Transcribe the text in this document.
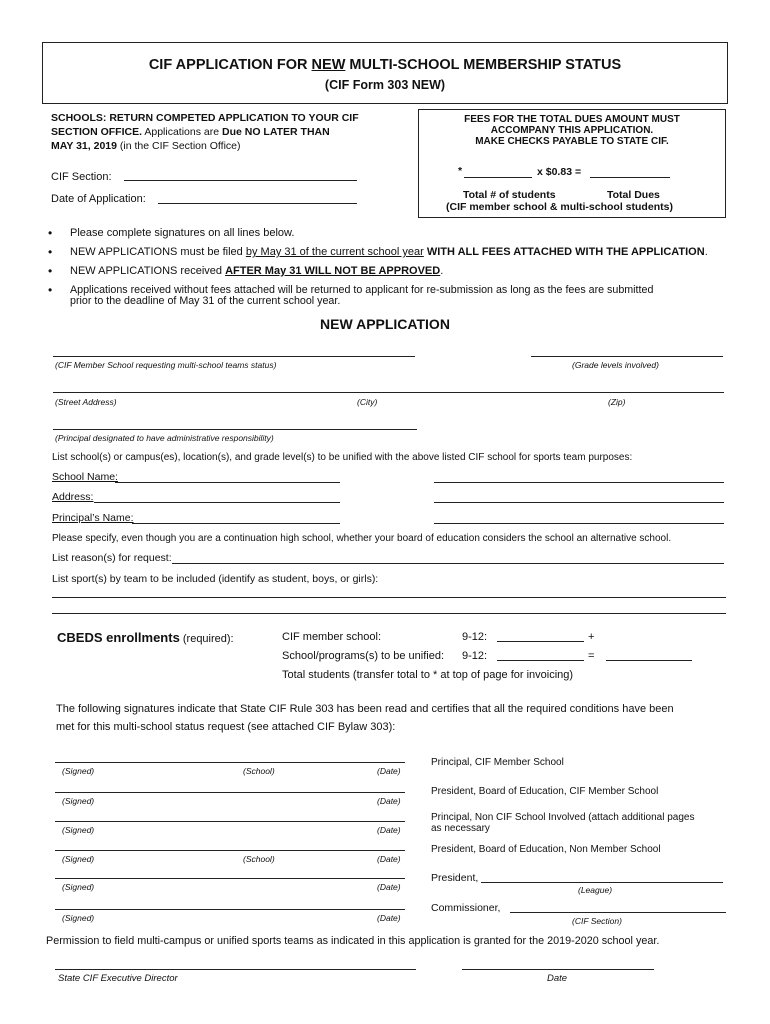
CIF APPLICATION FOR NEW MULTI-SCHOOL MEMBERSHIP STATUS
(CIF Form 303 NEW)
SCHOOLS: RETURN COMPETED APPLICATION TO YOUR CIF
SECTION OFFICE. Applications are Due NO LATER THAN
MAY 31, 2019 (in the CIF Section Office)
CIF Section:
Date of Application:
FEES FOR THE TOTAL DUES AMOUNT MUST
ACCOMPANY THIS APPLICATION.
MAKE CHECKS PAYABLE TO STATE CIF.
*	x $0.83 =
Total # of students	Total Dues
(CIF member school & multi-school students)
• Please complete signatures on all lines below.
• NEW APPLICATIONS must be filed by May 31 of the current school year WITH ALL FEES ATTACHED WITH THE APPLICATION.
• NEW APPLICATIONS received AFTER May 31 WILL NOT BE APPROVED.
• Applications received without fees attached will be returned to applicant for re-submission as long as the fees are submitted
prior to the deadline of May 31 of the current school year.
NEW APPLICATION
(CIF Member School requesting multi-school teams status)	(Grade levels involved)
(Street Address)	(City)	(Zip)
(Principal designated to have administrative responsibility)
List school(s) or campus(es), location(s), and grade level(s) to be unified with the above listed CIF school for sports team purposes:
School Name:
Address:
Principal’s Name:
Please specify, even though you are a continuation high school, whether your board of education considers the school an alternative school.
List reason(s) for request:
List sport(s) by team to be included (identify as student, boys, or girls):
CBEDS enrollments (required):	CIF member school:	9-12:	+
School/programs(s) to be unified: 9-12:	=
Total students (transfer total to * at top of page for invoicing)
The following signatures indicate that State CIF Rule 303 has been read and certifies that all the required conditions have been
met for this multi-school status request (see attached CIF Bylaw 303):
(Signed)	(School)	(Date)
Principal, CIF Member School
(Signed)	(Date)
President, Board of Education, CIF Member School
(Signed)	(Date)
Principal, Non CIF School Involved (attach additional pages
as necessary
(Signed)	(School)	(Date)
President, Board of Education, Non Member School
(Signed)	(Date)
President,
(League)
(Signed)	(Date)
Commissioner,
(CIF Section)
Permission to field multi-campus or unified sports teams as indicated in this application is granted for the 2019-2020 school year.
State CIF Executive Director	Date
